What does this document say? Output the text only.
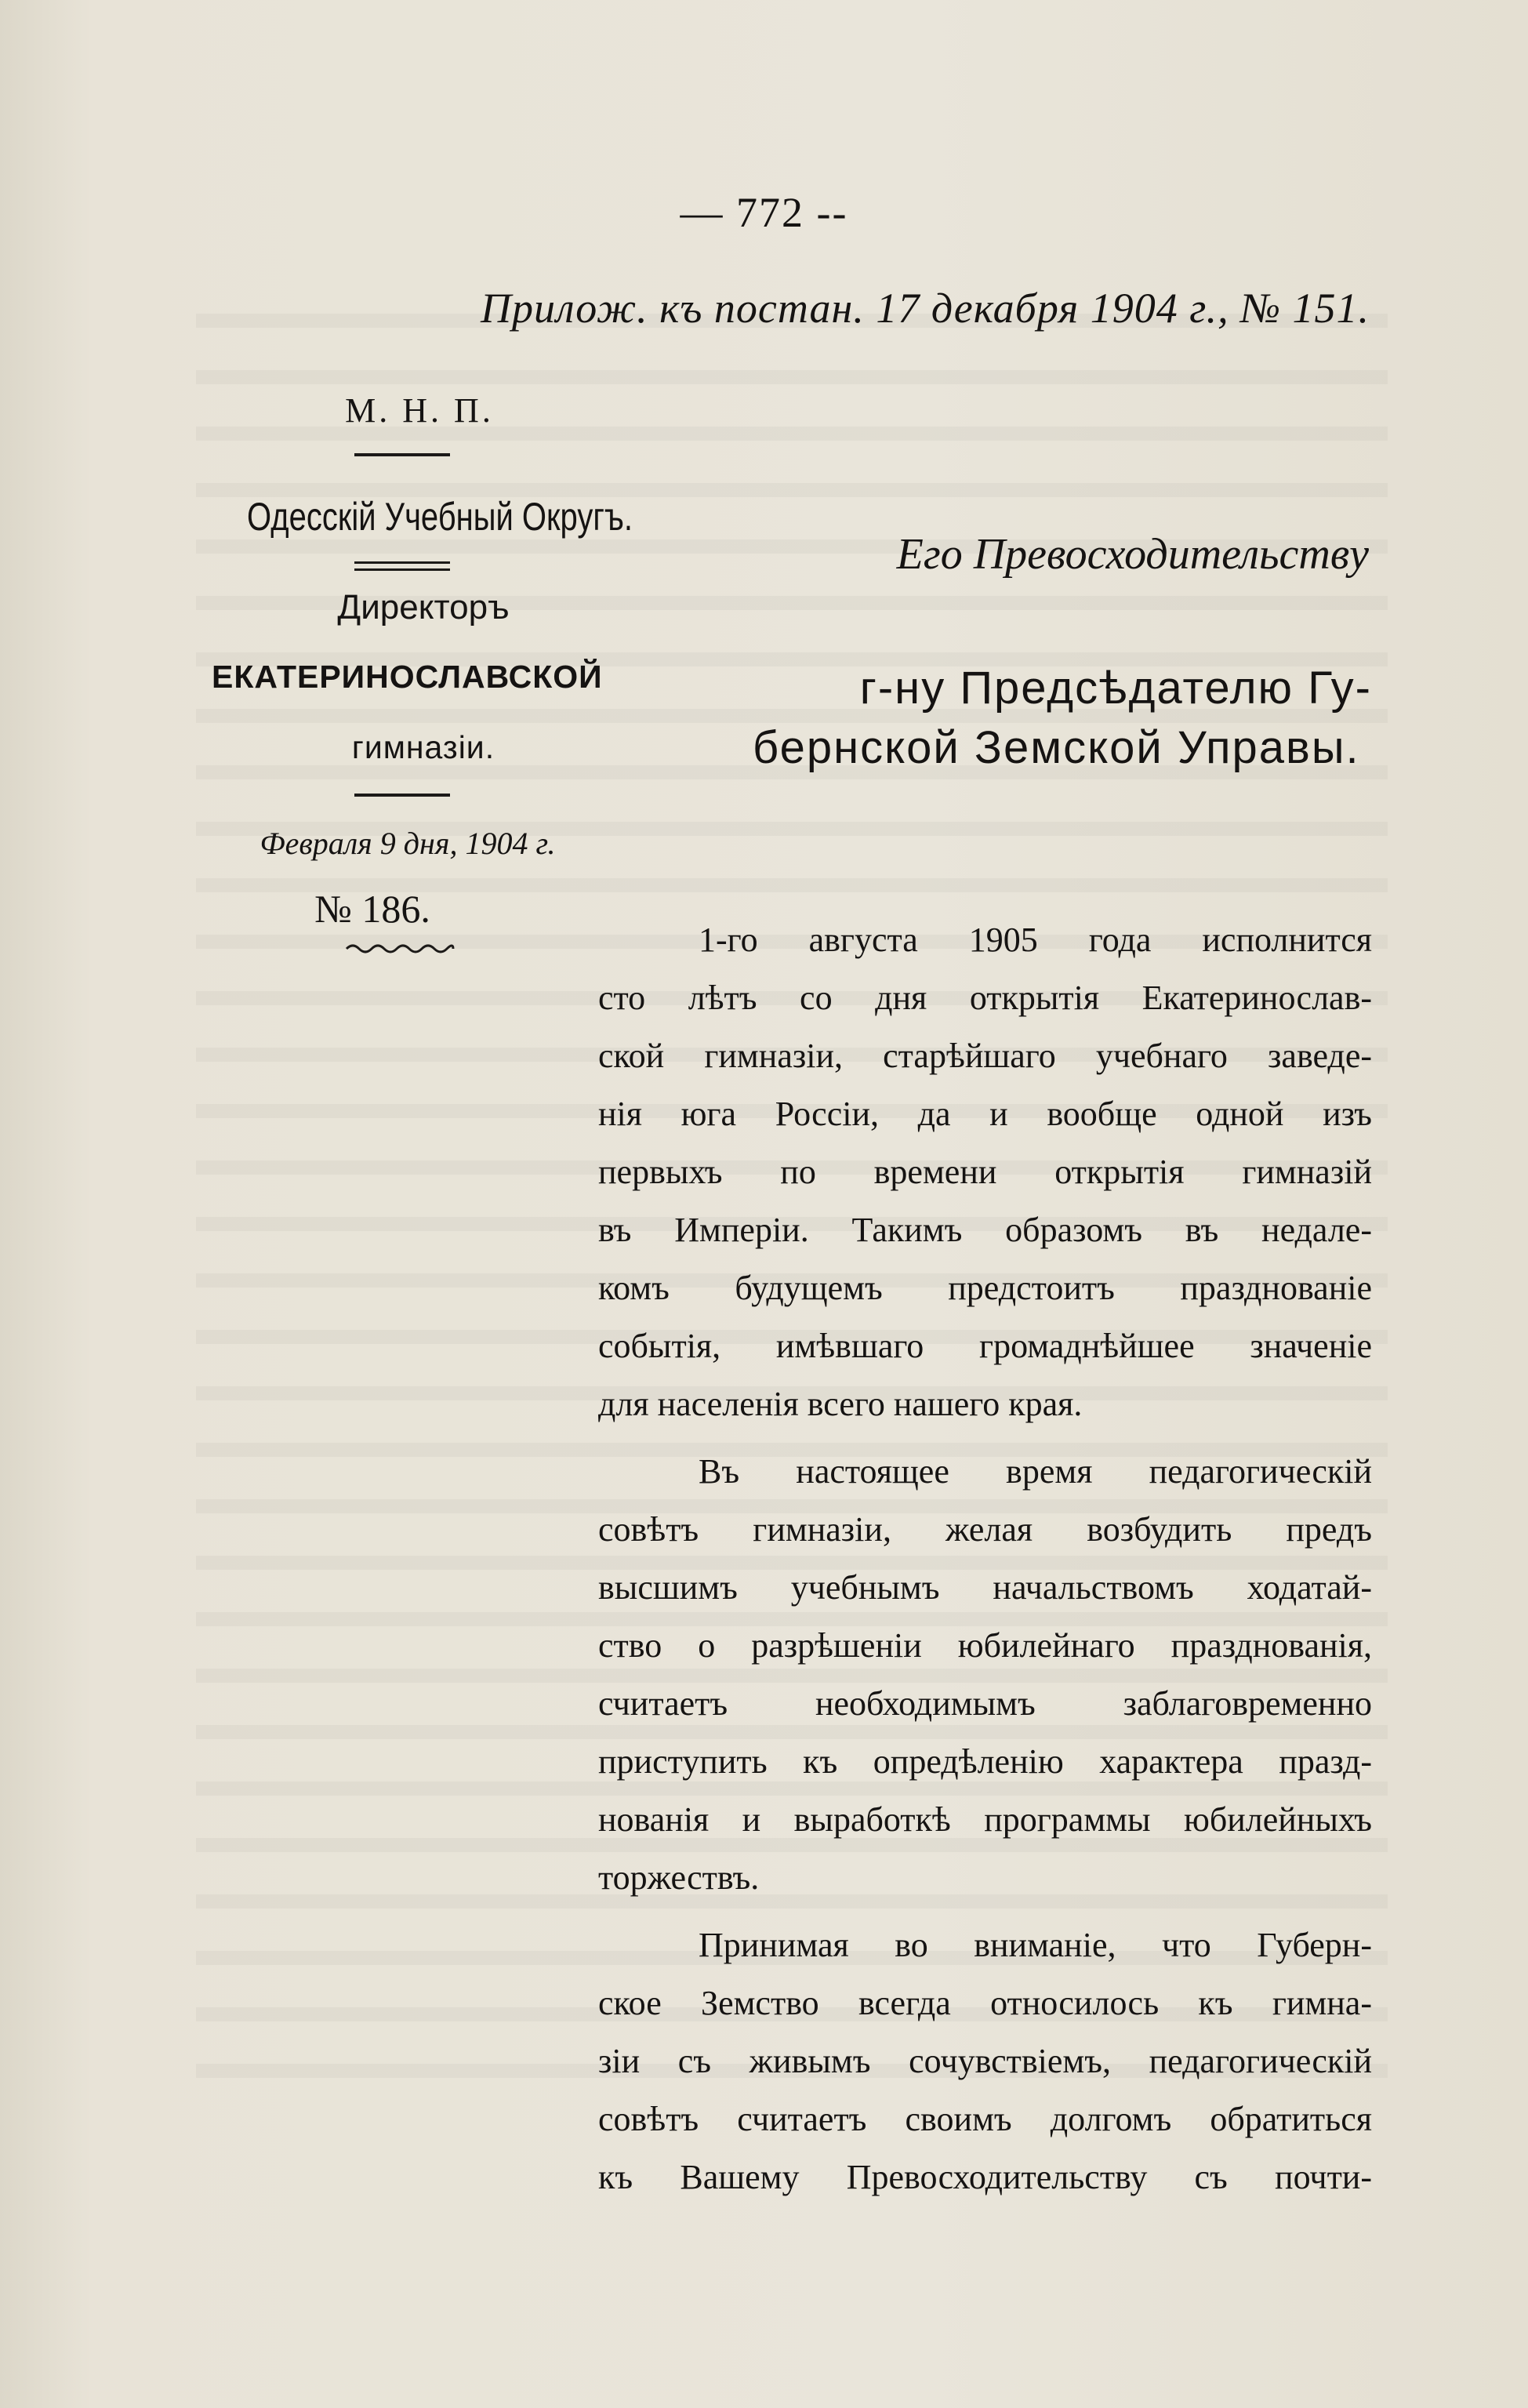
— 772 --
Прилож. къ постан. 17 декабря 1904 г., № 151.
М. Н. П.
Одесскій Учебный Округъ.
Директоръ
ЕКАТЕРИНОСЛАВСКОЙ
гимназіи.
Февраля 9 дня, 1904 г.
№ 186.
Его Превосходительству
г-ну Предсѣдателю Гу-
бернской Земской Управы.
1-го августа 1905 года исполнится
сто лѣтъ со дня открытія Екатеринослав-
ской гимназіи, старѣйшаго учебнаго заведе-
нія юга Россіи, да и вообще одной изъ
первыхъ по времени открытія гимназій
въ Имперіи. Такимъ образомъ въ недале-
комъ будущемъ предстоитъ празднованіе
событія, имѣвшаго громаднѣйшее значеніе
для населенія всего нашего края.
Въ настоящее время педагогическій
совѣтъ гимназіи, желая возбудить предъ
высшимъ учебнымъ начальствомъ ходатай-
ство о разрѣшеніи юбилейнаго празднованія,
считаетъ необходимымъ заблаговременно
приступить къ опредѣленію характера празд-
нованія и выработкѣ программы юбилейныхъ
торжествъ.
Принимая во вниманіе, что Губерн-
ское Земство всегда относилось къ гимна-
зіи съ живымъ сочувствіемъ, педагогическій
совѣтъ считаетъ своимъ долгомъ обратиться
къ Вашему Превосходительству съ почти-
